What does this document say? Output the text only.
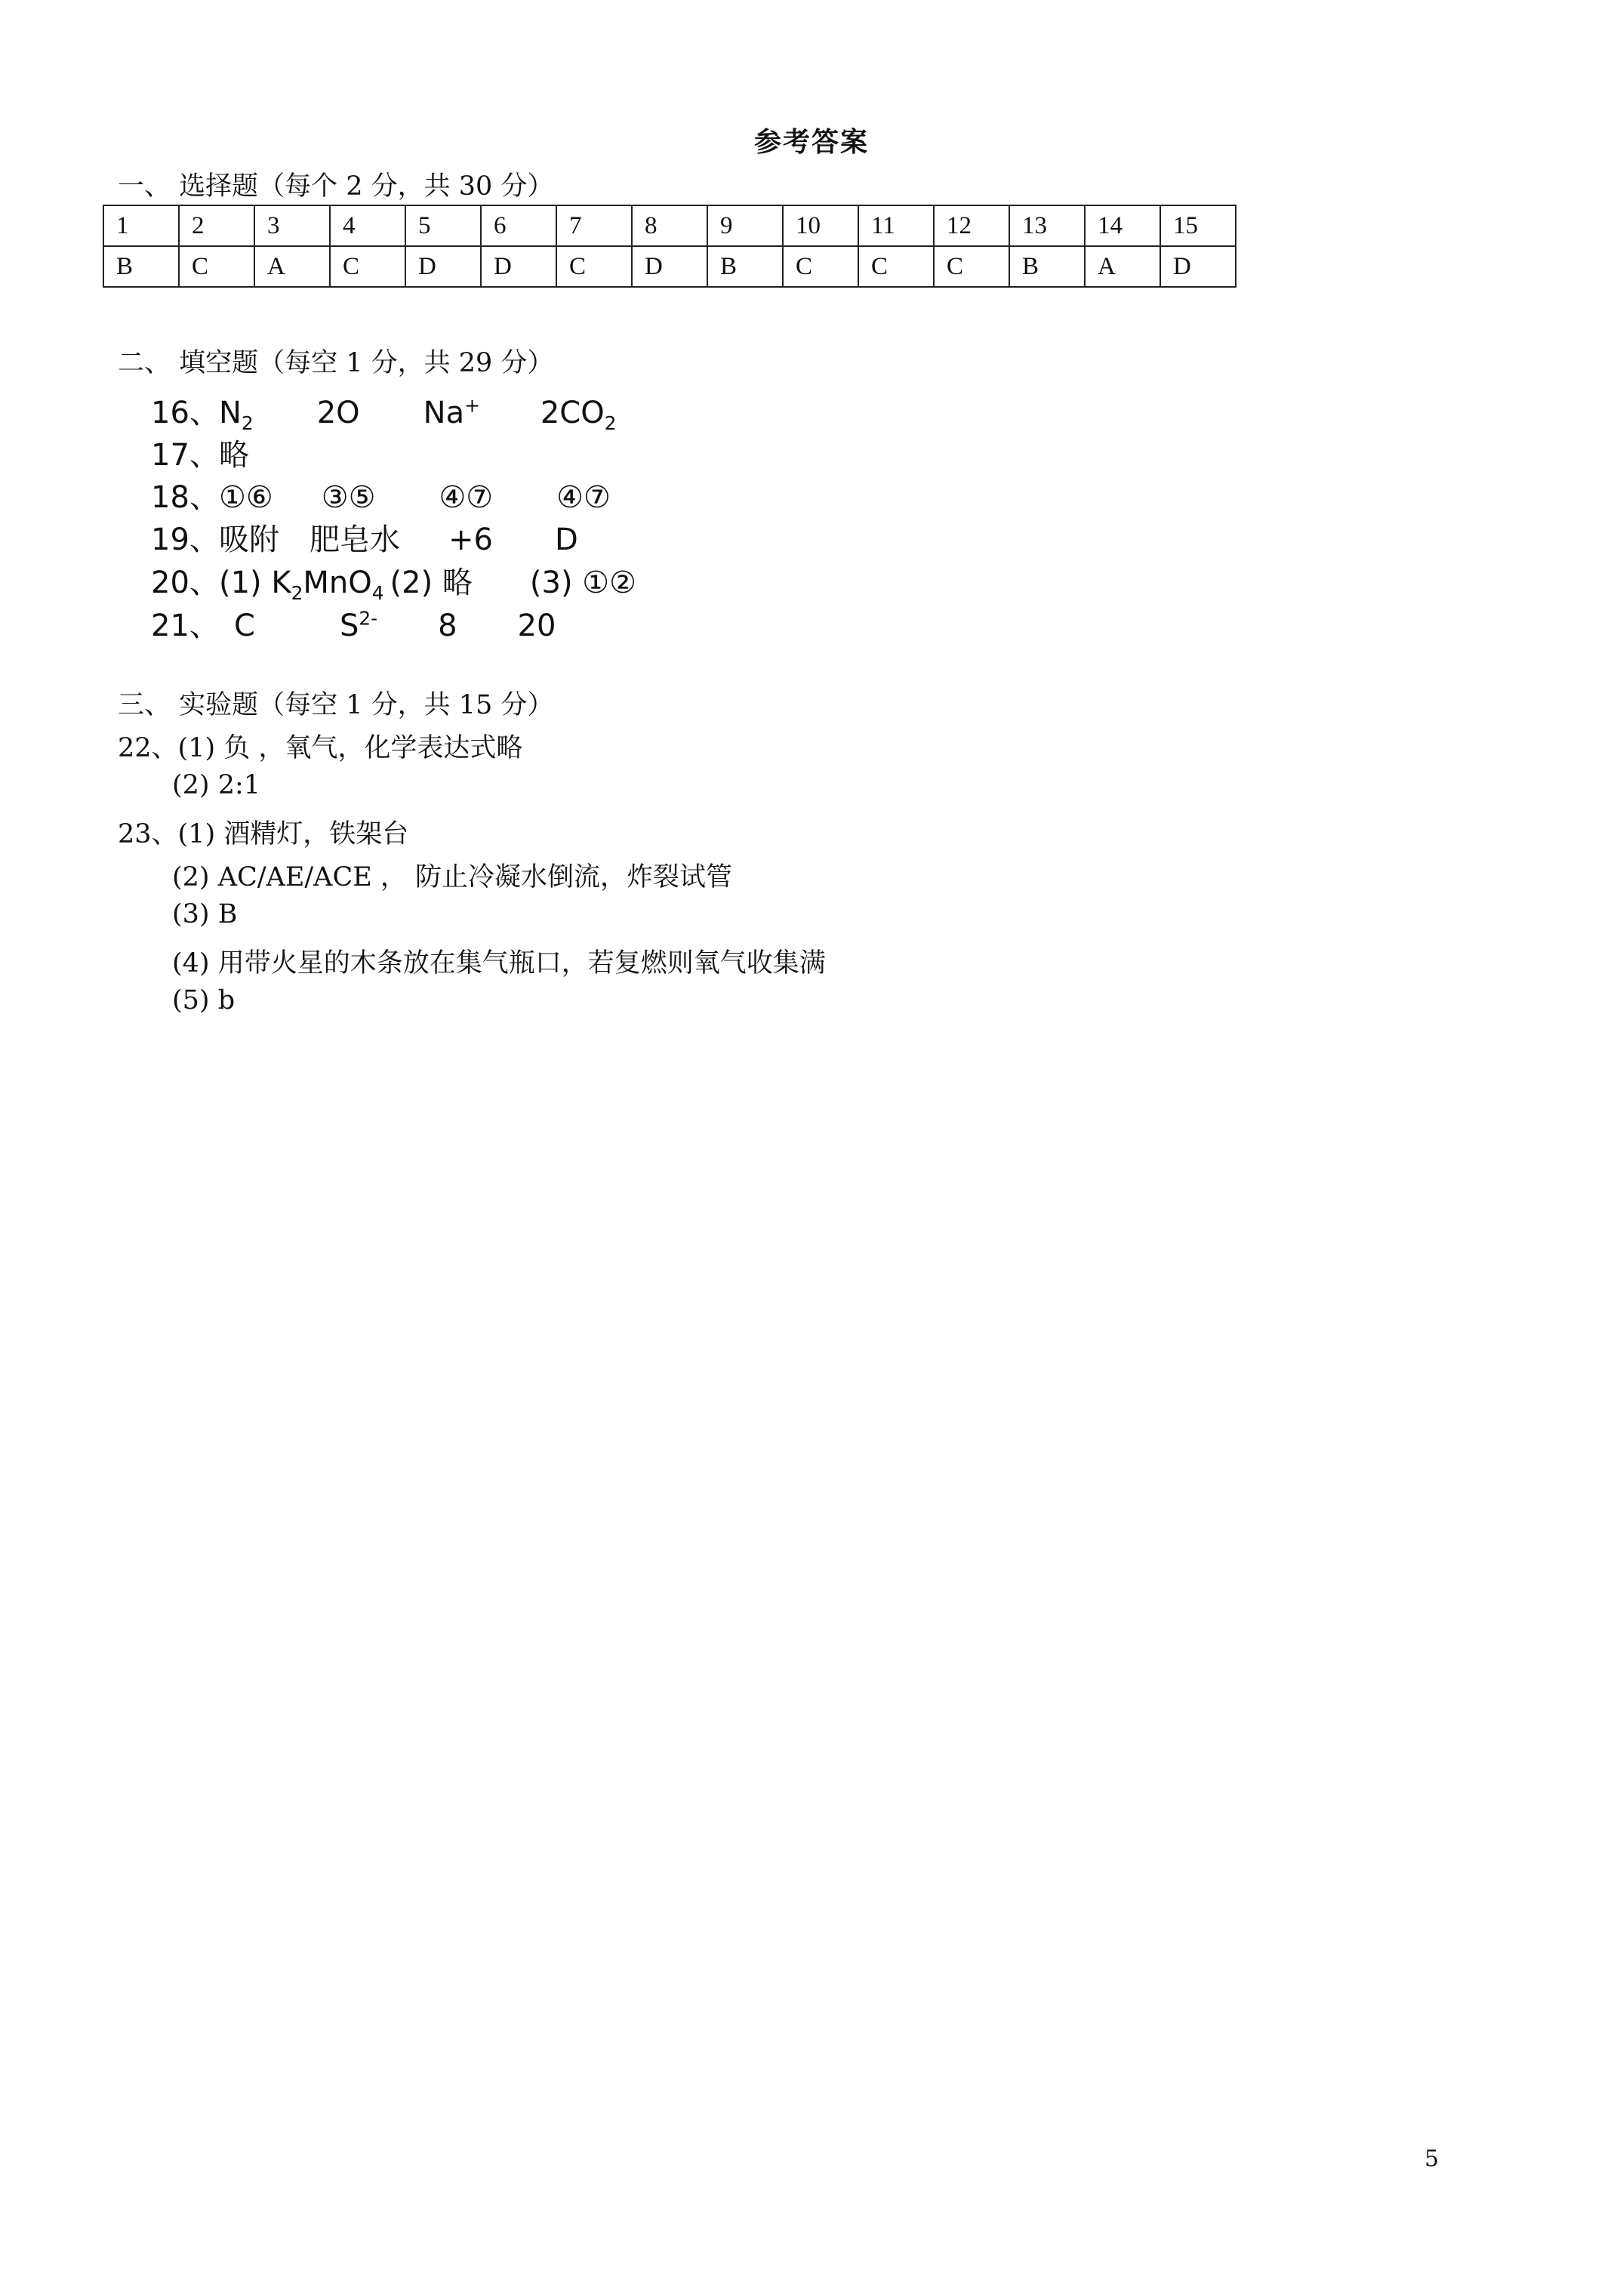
参考答案
一、 选择题（每个 2 分，共 30 分）
1	2	3	4	5	6	7	8	9	10	11	12	13	14	15
B	C	A	C	D	D	C	D	B	C	C	C	B	A	D
二、 填空题（每空 1 分，共 29 分）
16、$N_2$ 2O Na+ $2CO_2$
17、略
18、①⑥ ③⑤ ④⑦ ④⑦
19、吸附 肥皂水 +6 D
20、(1) $K_2MnO_4$ (2) 略 (3) ①②
21、 C	$S^{2-}$ 8 20
三、 实验题（每空 1 分，共 15 分）
22、(1) 负 ，氧气，化学表达式略
(2) 2:1
23、(1) 酒精灯，铁架台
(2) AC/AE/ACE ， 防止冷凝水倒流，炸裂试管
(3) B
(4) 用带火星的木条放在集气瓶口，若复燃则氧气收集满
(5) b
5
